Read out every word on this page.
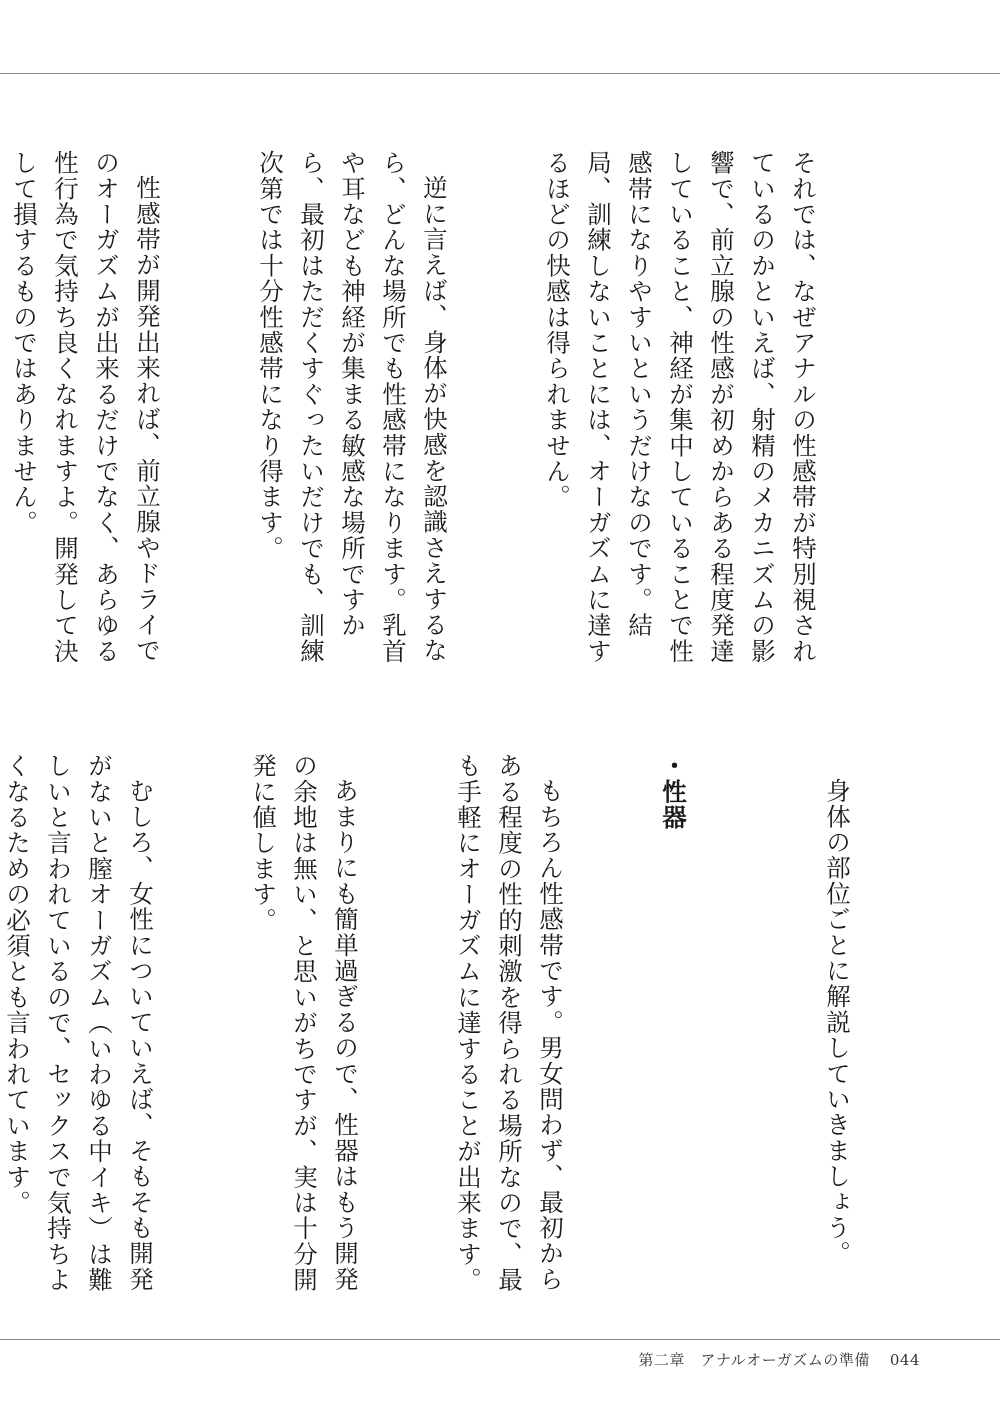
それでは、なぜアナルの性感帯が特別視されているのかといえば、射精のメカニズムの影響で、前立腺の性感が初めからある程度発達していること、神経が集中していることで性感帯になりやすいというだけなのです。結局、訓練しないことには、オーガズムに達するほどの快感は得られません。

逆に言えば、身体が快感を認識さえするなら、どんな場所でも性感帯になります。乳首や耳なども神経が集まる敏感な場所ですから、最初はただくすぐったいだけでも、訓練次第では十分性感帯になり得ます。

性感帯が開発出来れば、前立腺やドライでのオーガズムが出来るだけでなく、あらゆる性行為で気持ち良くなれますよ。開発して決して損するものではありません。

身体の部位ごとに解説していきましょう。

・性器

もちろん性感帯です。男女問わず、最初からある程度の性的刺激を得られる場所なので、最も手軽にオーガズムに達することが出来ます。

あまりにも簡単過ぎるので、性器はもう開発の余地は無い、と思いがちですが、実は十分開発に値します。

むしろ、女性についていえば、そもそも開発がないと膣オーガズム（いわゆる中イキ）は難しいと言われているので、セックスで気持ちよくなるための必須とも言われています。

第二章　アナルオーガズムの準備 044
